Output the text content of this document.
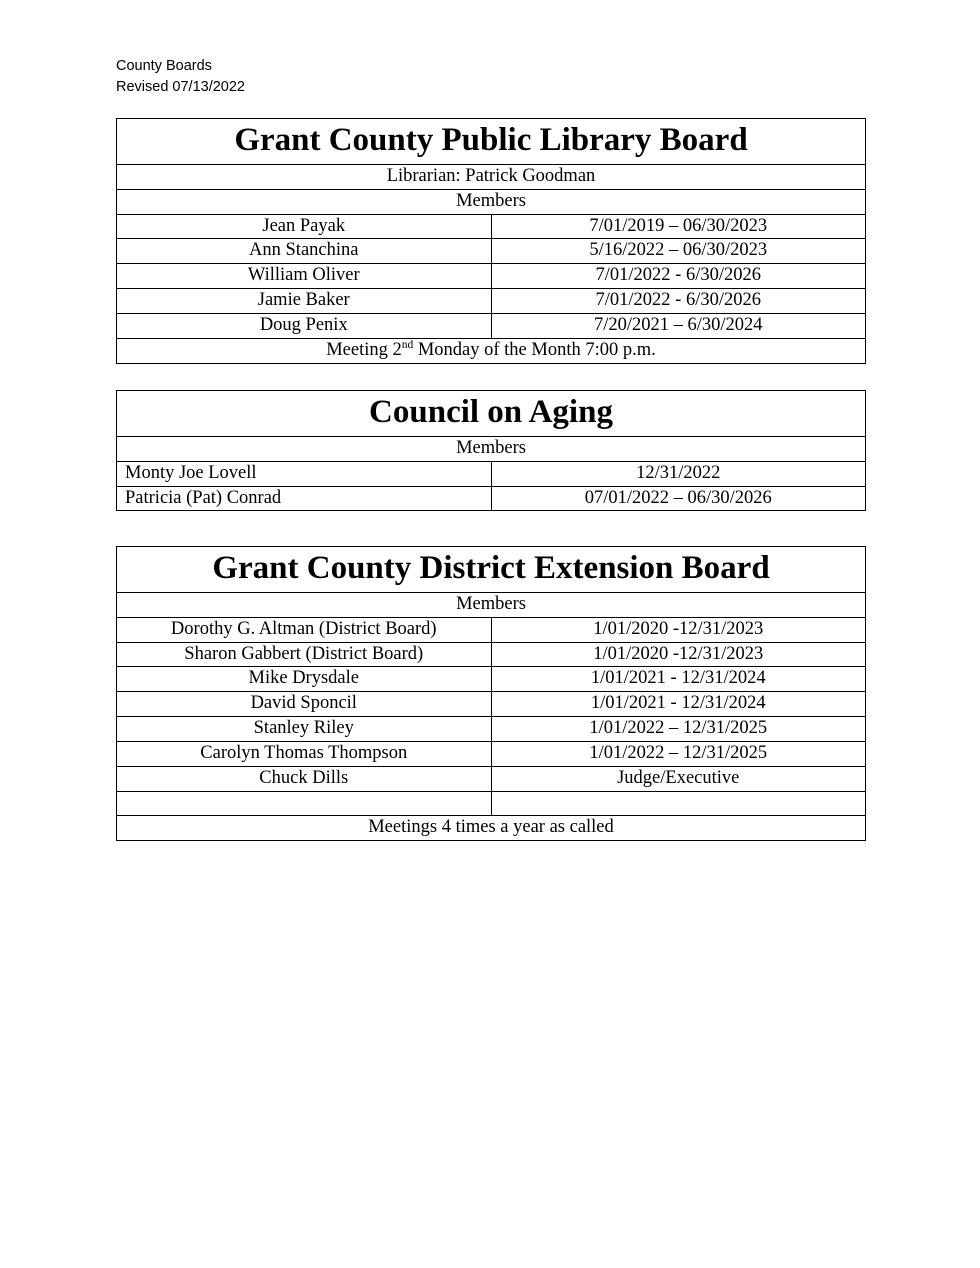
County Boards
Revised 07/13/2022
Grant County Public Library Board	
Librarian: Patrick Goodman	
Members	
Jean Payak	7/01/2019 – 06/30/2023
Ann Stanchina	5/16/2022 – 06/30/2023
William Oliver	7/01/2022 - 6/30/2026
Jamie Baker	7/01/2022 - 6/30/2026
Doug Penix	7/20/2021 – 6/30/2024
Meeting 2nd Monday of the Month 7:00 p.m.	
Council on Aging	
Members	
Monty Joe Lovell	12/31/2022
Patricia (Pat) Conrad	07/01/2022 – 06/30/2026
Grant County District Extension Board	
Members	
Dorothy G. Altman (District Board)	1/01/2020 -12/31/2023
Sharon Gabbert (District Board)	1/01/2020 -12/31/2023
Mike Drysdale	1/01/2021 - 12/31/2024
David Sponcil	1/01/2021 - 12/31/2024
Stanley Riley	1/01/2022 – 12/31/2025
Carolyn Thomas Thompson	1/01/2022 – 12/31/2025
Chuck Dills	Judge/Executive

Meetings 4 times a year as called	
